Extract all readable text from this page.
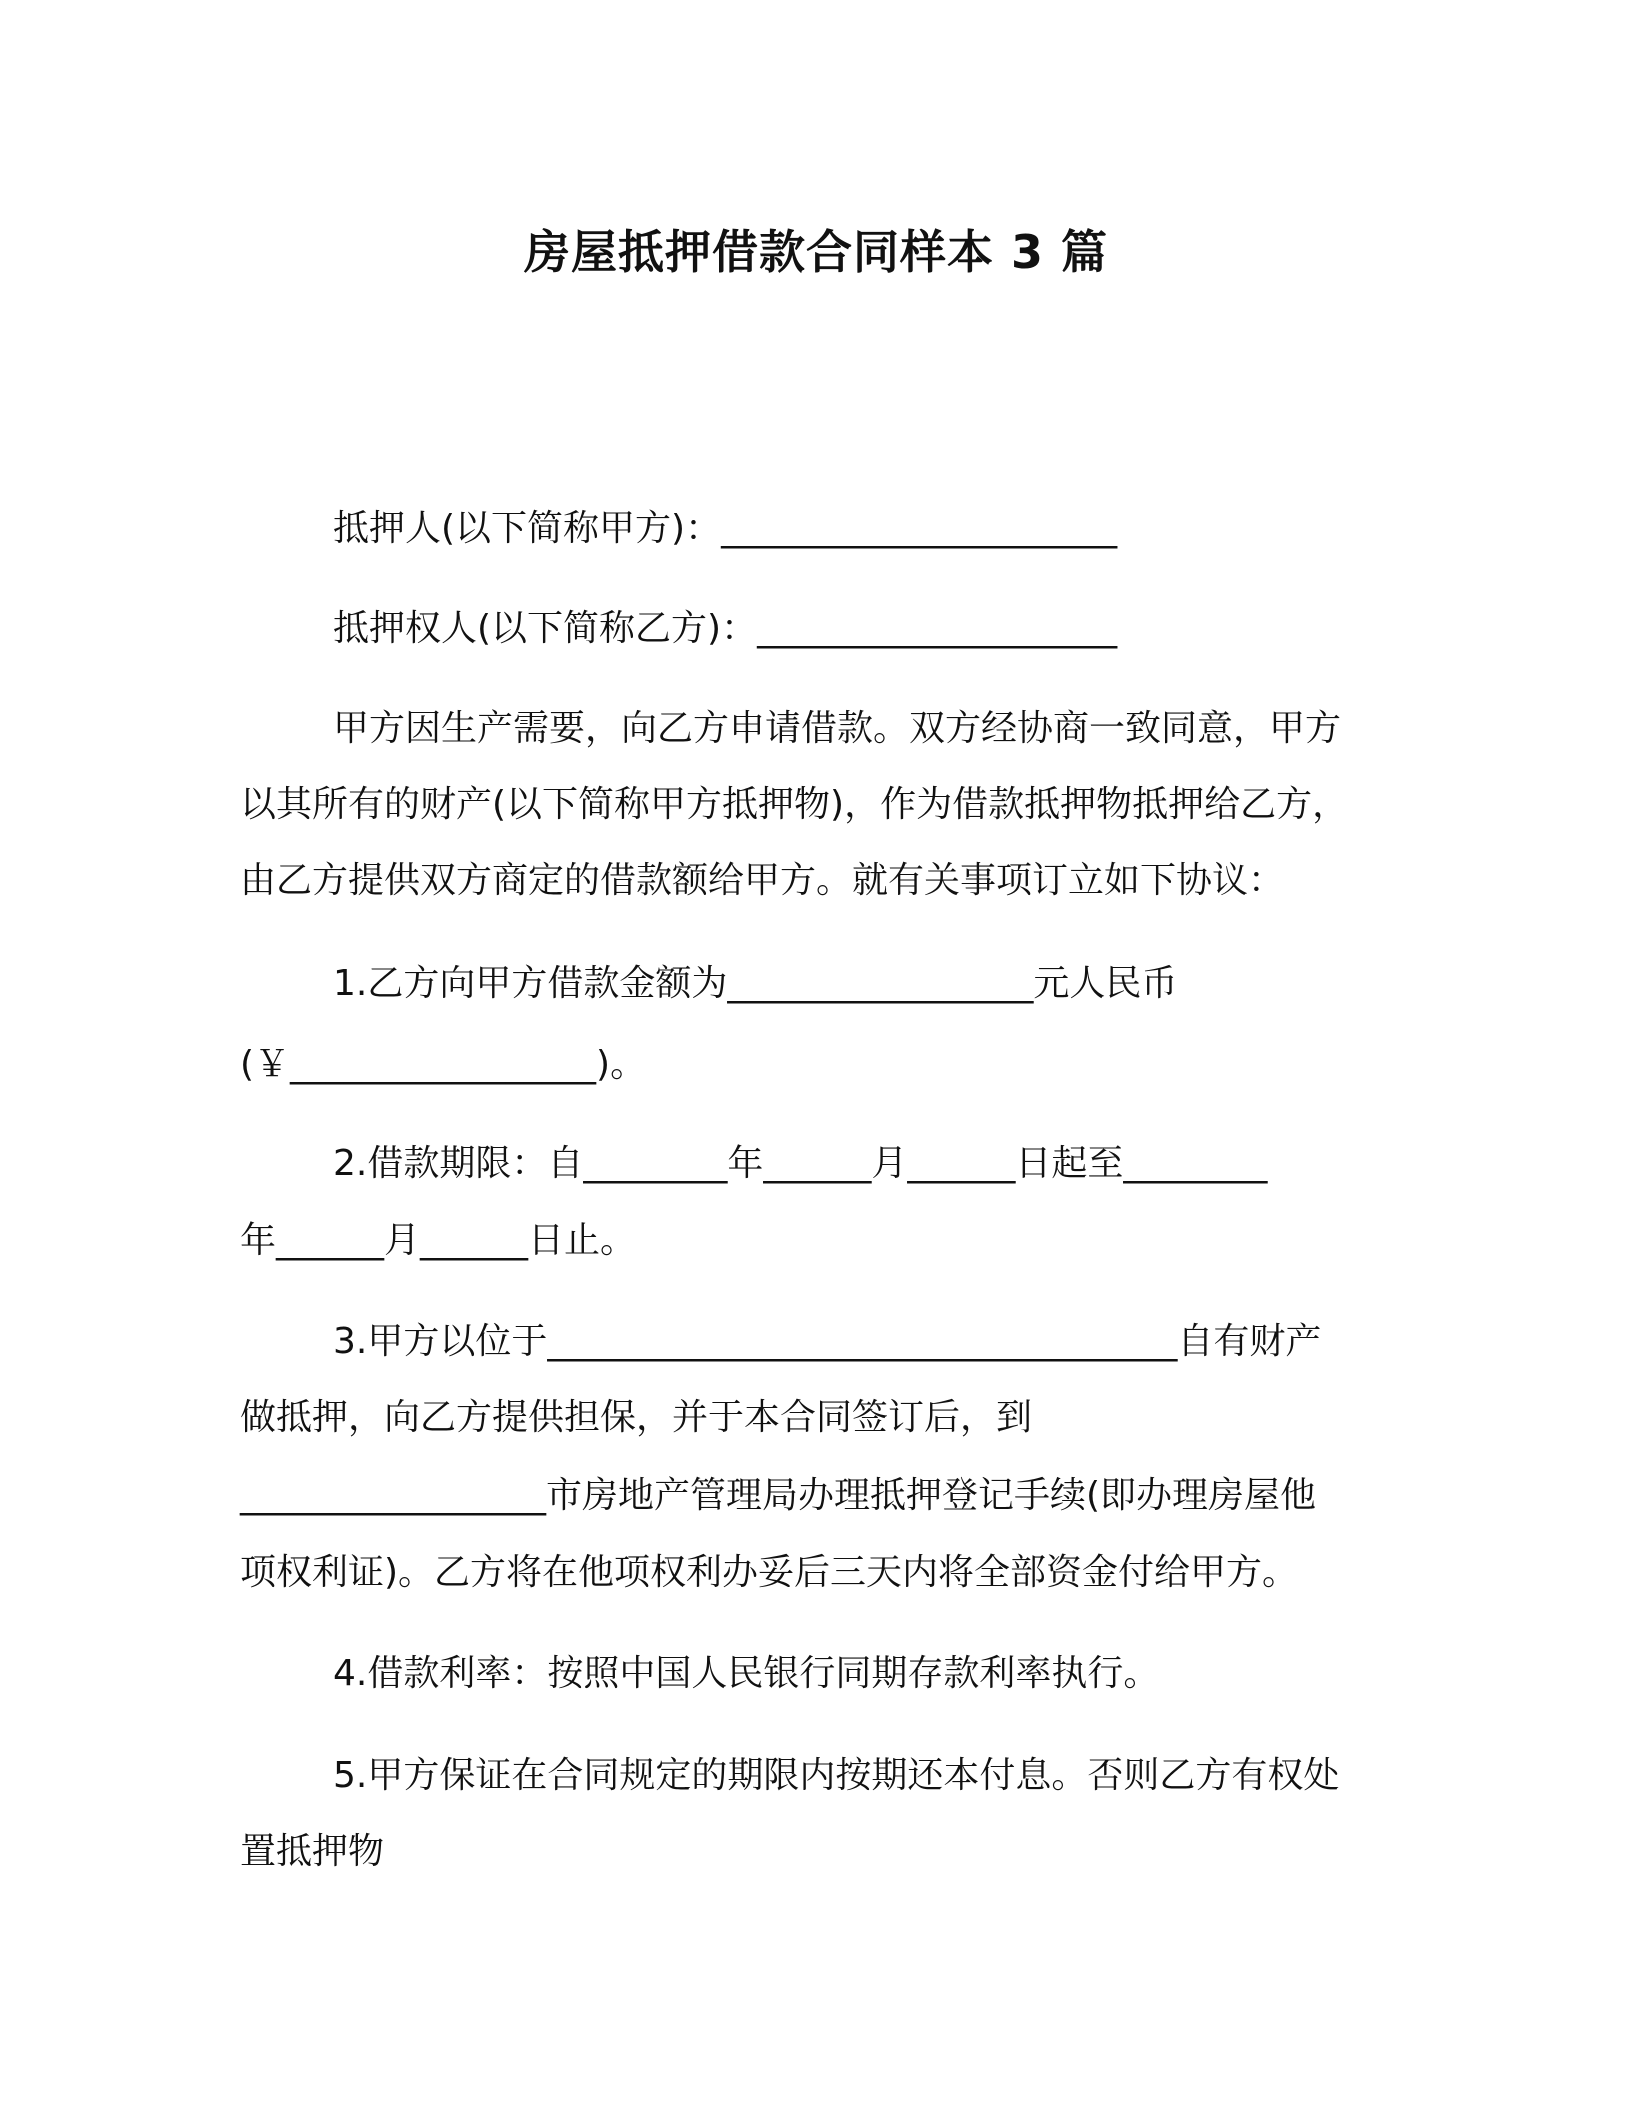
房屋抵押借款合同样本 3 篇
抵押人(以下简称甲方)：______________________
抵押权人(以下简称乙方)：____________________
甲方因生产需要，向乙方申请借款。双方经协商一致同意，甲方
以其所有的财产(以下简称甲方抵押物)，作为借款抵押物抵押给乙方，
由乙方提供双方商定的借款额给甲方。就有关事项订立如下协议：
1.乙方向甲方借款金额为_________________元人民币
(￥_________________)。
2.借款期限：自________年______月______日起至________
年______月______日止。
3.甲方以位于___________________________________自有财产
做抵押，向乙方提供担保，并于本合同签订后，到
_________________市房地产管理局办理抵押登记手续(即办理房屋他
项权利证)。乙方将在他项权利办妥后三天内将全部资金付给甲方。
4.借款利率：按照中国人民银行同期存款利率执行。
5.甲方保证在合同规定的期限内按期还本付息。否则乙方有权处
置抵押物
